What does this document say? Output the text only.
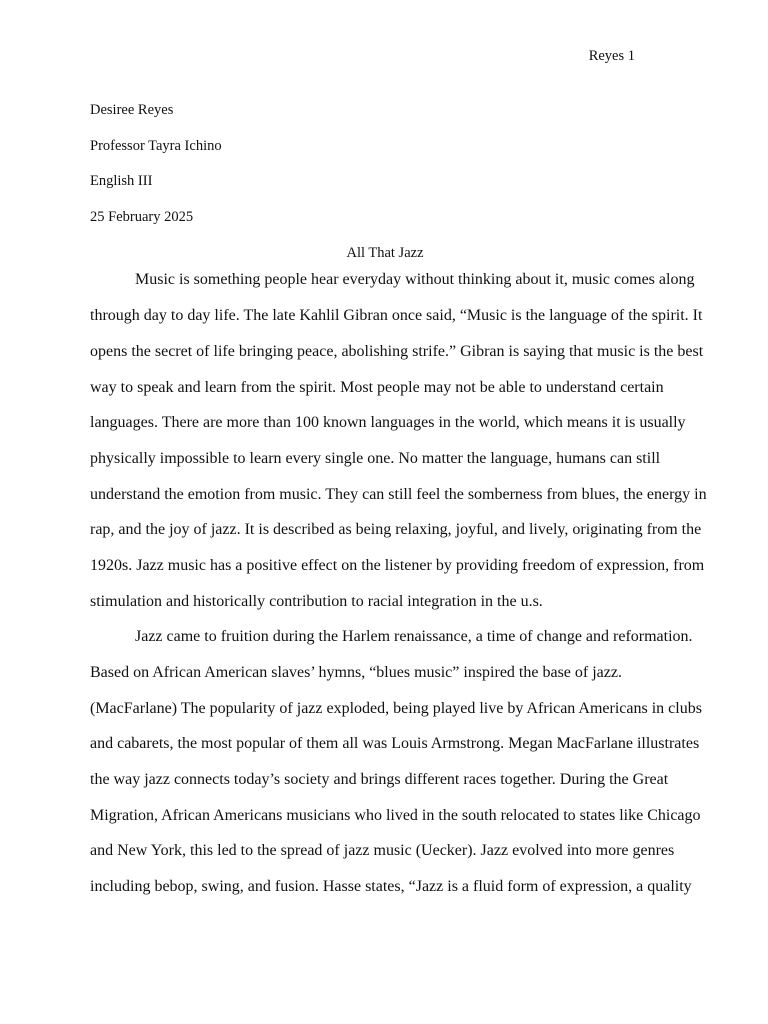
Reyes 1
Desiree Reyes
Professor Tayra Ichino
English III
25 February 2025
All That Jazz
Music is something people hear everyday without thinking about it, music comes along
through day to day life. The late Kahlil Gibran once said, “Music is the language of the spirit. It
opens the secret of life bringing peace, abolishing strife.” Gibran is saying that music is the best
way to speak and learn from the spirit. Most people may not be able to understand certain
languages. There are more than 100 known languages in the world, which means it is usually
physically impossible to learn every single one. No matter the language, humans can still
understand the emotion from music. They can still feel the somberness from blues, the energy in
rap, and the joy of jazz. It is described as being relaxing, joyful, and lively, originating from the
1920s. Jazz music has a positive effect on the listener by providing freedom of expression, from
stimulation and historically contribution to racial integration in the u.s.
Jazz came to fruition during the Harlem renaissance, a time of change and reformation.
Based on African American slaves’ hymns, “blues music” inspired the base of jazz.
(MacFarlane) The popularity of jazz exploded, being played live by African Americans in clubs
and cabarets, the most popular of them all was Louis Armstrong. Megan MacFarlane illustrates
the way jazz connects today’s society and brings different races together. During the Great
Migration, African Americans musicians who lived in the south relocated to states like Chicago
and New York, this led to the spread of jazz music (Uecker). Jazz evolved into more genres
including bebop, swing, and fusion. Hasse states, “Jazz is a fluid form of expression, a quality
